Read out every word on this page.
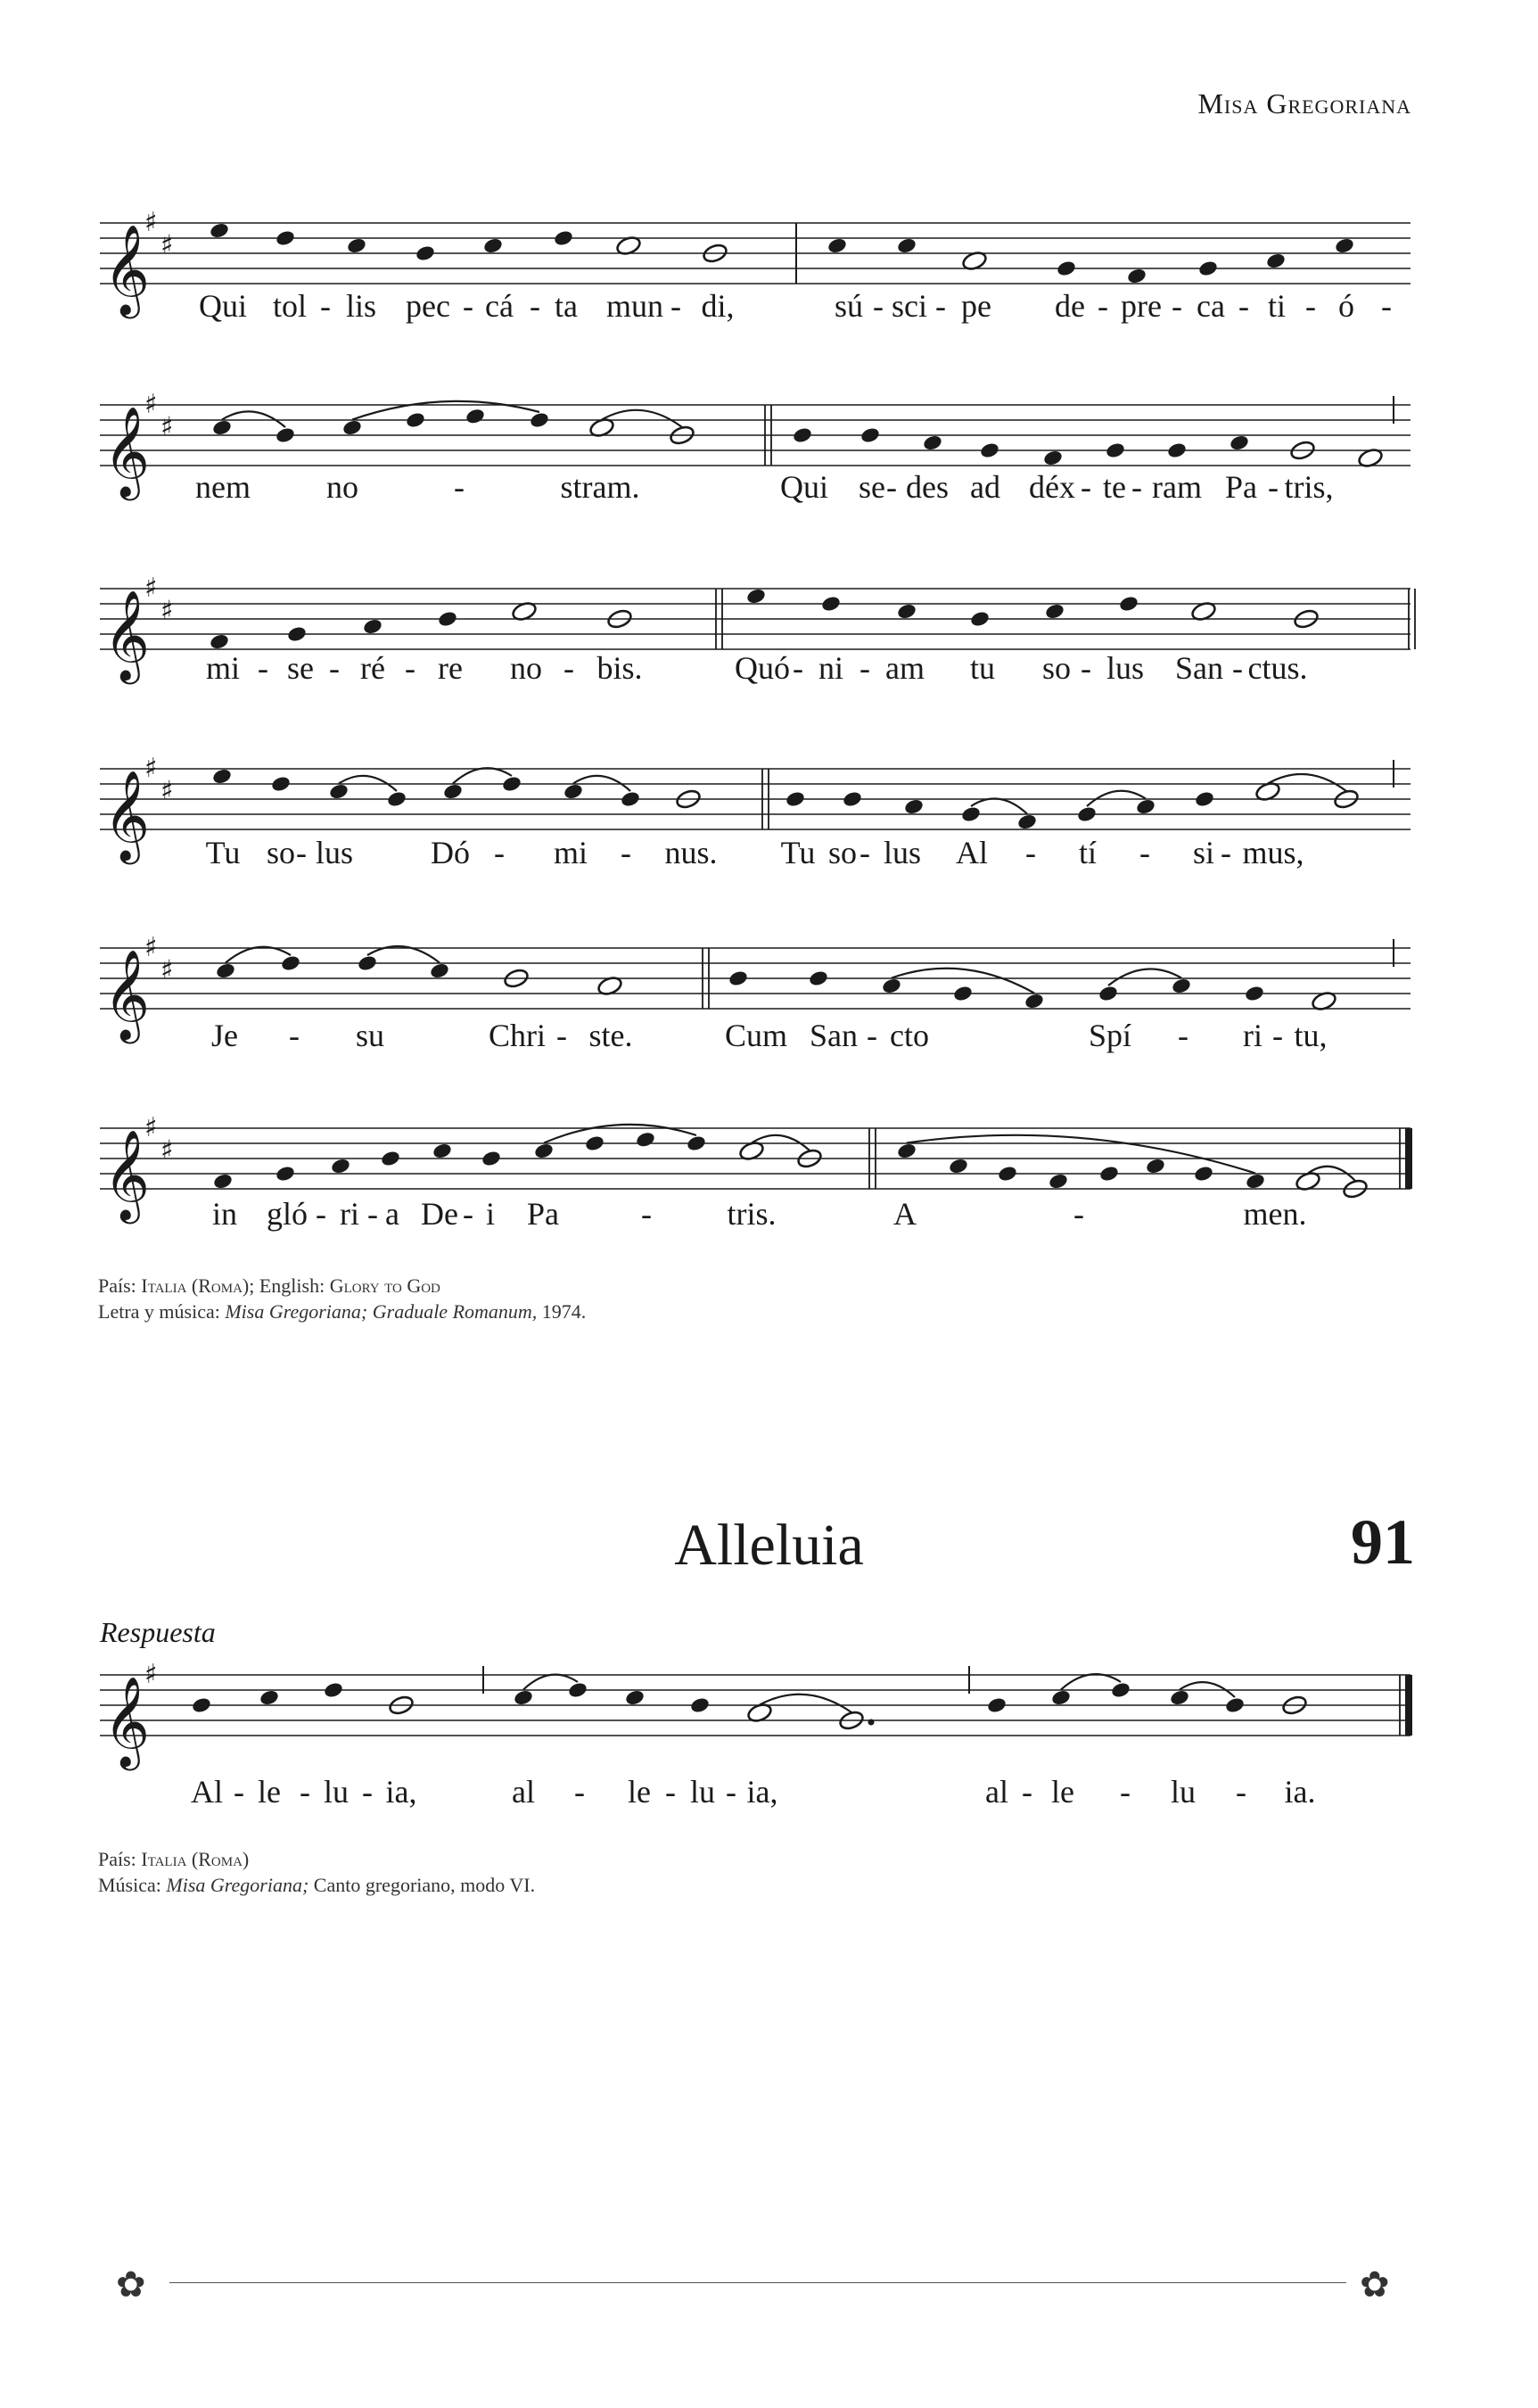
Misa Gregoriana
𝄞
♯
♯
Qui tol - lis pec - cá - ta mun - di,	sú - sci - pe de - pre - ca - ti - ó -
𝄞
♯
♯
nem no	-	stram.	Qui se - des ad déx - te - ram Pa - tris,
𝄞
♯
♯
mi - se - ré - re no - bis.	Quó - ni - am tu so - lus San - ctus.
𝄞
♯
♯
Tu so - lus Dó - mi - nus. Tu so - lus Al - tí - si - mus,
𝄞
♯
♯
Je - su	Chri - ste.	Cum San - cto	Spí - ri - tu,
𝄞
♯
♯
in gló - ri - a De - i Pa	- tris.	A	-	men.
País: Italia (Roma); English: Glory to God
Letra y música: Misa Gregoriana; Graduale Romanum, 1974.
Alleluia	91
Respuesta
𝄞
♯
Al - le - lu - ia,	al - le - lu - ia,	al - le - lu - ia.
País: Italia (Roma)
Música: Misa Gregoriana; Canto gregoriano, modo VI.
✿	✿
